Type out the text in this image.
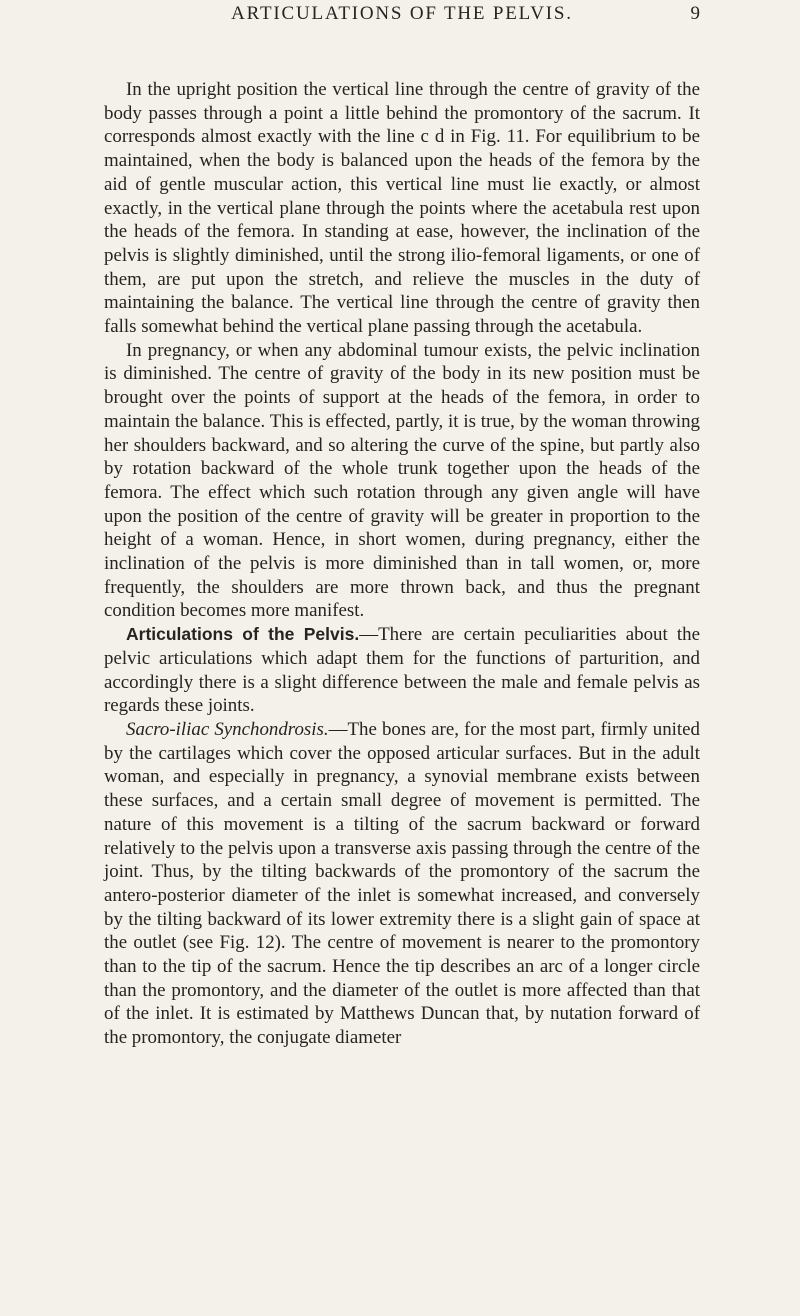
ARTICULATIONS OF THE PELVIS.	9

In the upright position the vertical line through the centre of gravity of the body passes through a point a little behind the promontory of the sacrum. It corresponds almost exactly with the line c d in Fig. 11. For equilibrium to be maintained, when the body is balanced upon the heads of the femora by the aid of gentle muscular action, this vertical line must lie exactly, or almost exactly, in the vertical plane through the points where the acetabula rest upon the heads of the femora. In standing at ease, however, the inclination of the pelvis is slightly diminished, until the strong ilio-femoral ligaments, or one of them, are put upon the stretch, and relieve the muscles in the duty of maintaining the balance. The vertical line through the centre of gravity then falls somewhat behind the vertical plane passing through the acetabula.

In pregnancy, or when any abdominal tumour exists, the pelvic inclination is diminished. The centre of gravity of the body in its new position must be brought over the points of support at the heads of the femora, in order to maintain the balance. This is effected, partly, it is true, by the woman throwing her shoulders backward, and so altering the curve of the spine, but partly also by rotation backward of the whole trunk together upon the heads of the femora. The effect which such rotation through any given angle will have upon the position of the centre of gravity will be greater in proportion to the height of a woman. Hence, in short women, during pregnancy, either the inclination of the pelvis is more diminished than in tall women, or, more frequently, the shoulders are more thrown back, and thus the pregnant condition becomes more manifest.

Articulations of the Pelvis.—There are certain peculiarities about the pelvic articulations which adapt them for the functions of parturition, and accordingly there is a slight difference between the male and female pelvis as regards these joints.

Sacro-iliac Synchondrosis.—The bones are, for the most part, firmly united by the cartilages which cover the opposed articular surfaces. But in the adult woman, and especially in pregnancy, a synovial membrane exists between these surfaces, and a certain small degree of movement is permitted. The nature of this movement is a tilting of the sacrum backward or forward relatively to the pelvis upon a transverse axis passing through the centre of the joint. Thus, by the tilting backwards of the promontory of the sacrum the antero-posterior diameter of the inlet is somewhat increased, and conversely by the tilting backward of its lower extremity there is a slight gain of space at the outlet (see Fig. 12). The centre of movement is nearer to the promontory than to the tip of the sacrum. Hence the tip describes an arc of a longer circle than the promontory, and the diameter of the outlet is more affected than that of the inlet. It is estimated by Matthews Duncan that, by nutation forward of the promontory, the conjugate diameter
